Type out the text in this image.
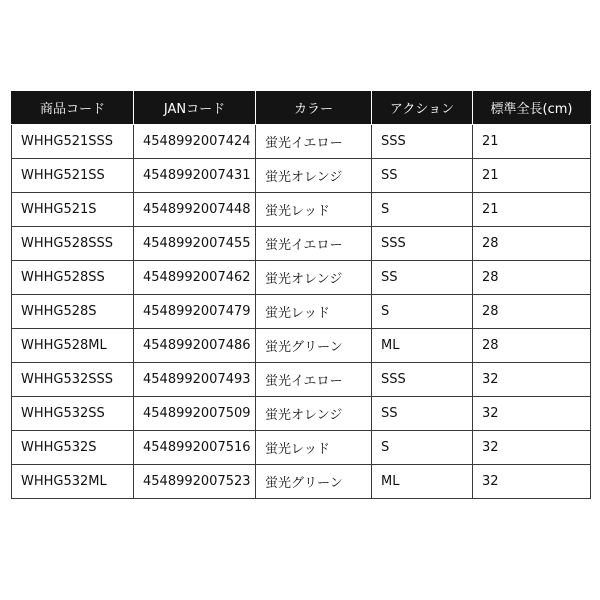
商品コード	JANコード	カラー	アクション	標準全長(cm)
WHHG521SSS	4548992007424	蛍光イエロー	SSS	21
WHHG521SS	4548992007431	蛍光オレンジ	SS	21
WHHG521S	4548992007448	蛍光レッド	S	21
WHHG528SSS	4548992007455	蛍光イエロー	SSS	28
WHHG528SS	4548992007462	蛍光オレンジ	SS	28
WHHG528S	4548992007479	蛍光レッド	S	28
WHHG528ML	4548992007486	蛍光グリーン	ML	28
WHHG532SSS	4548992007493	蛍光イエロー	SSS	32
WHHG532SS	4548992007509	蛍光オレンジ	SS	32
WHHG532S	4548992007516	蛍光レッド	S	32
WHHG532ML	4548992007523	蛍光グリーン	ML	32
